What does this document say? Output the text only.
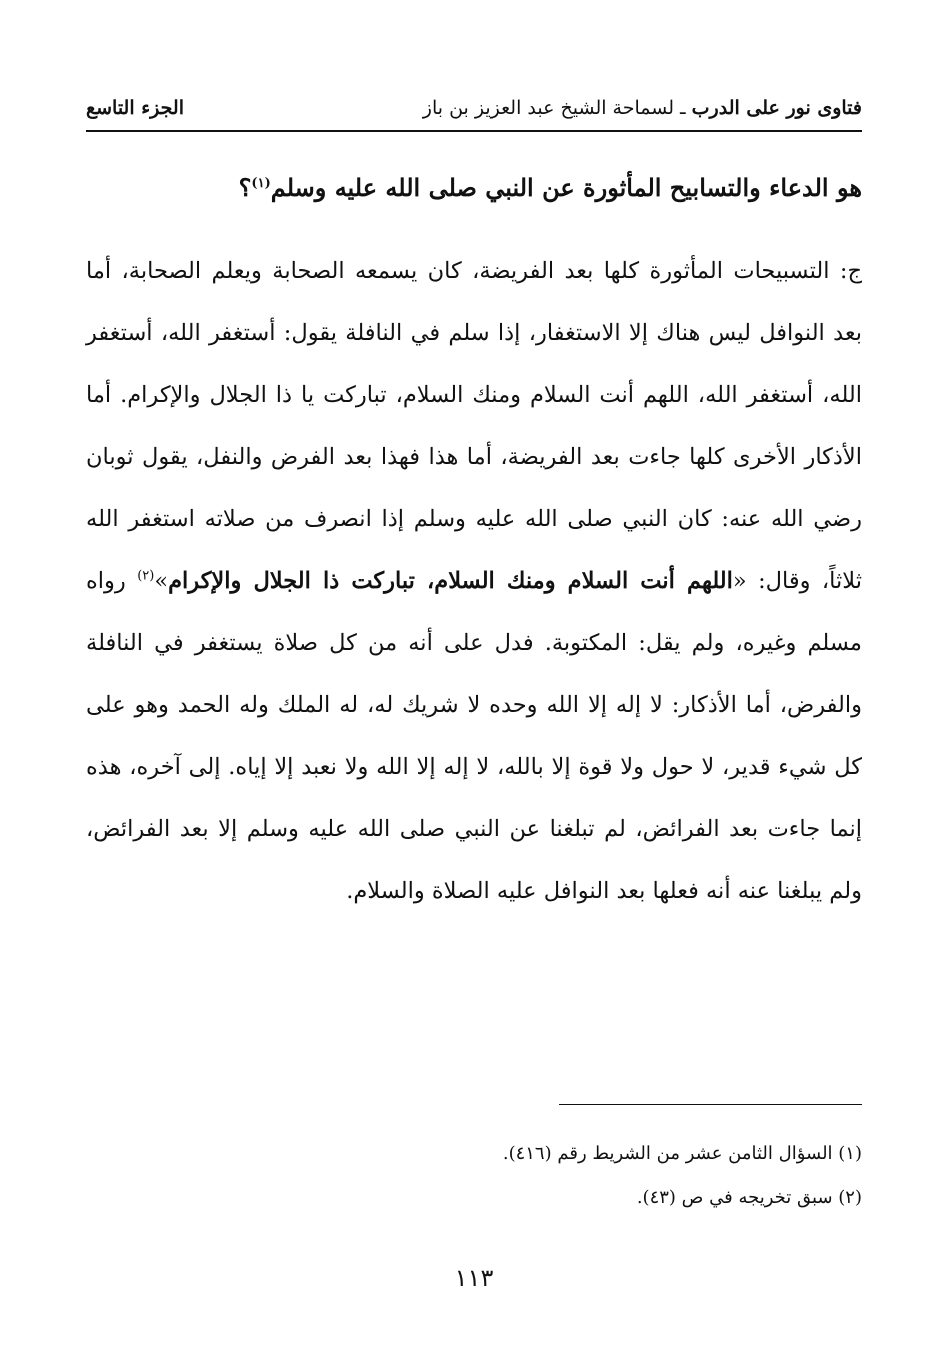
فتاوى نور على الدرب ـ لسماحة الشيخ عبد العزيز بن باز
الجزء التاسع
هو الدعاء والتسابيح المأثورة عن النبي صلى الله عليه وسلم$^{(١)}$؟
ج: التسبيحات المأثورة كلها بعد الفريضة، كان يسمعه الصحابة ويعلم الصحابة، أما بعد النوافل ليس هناك إلا الاستغفار، إذا سلم في النافلة يقول: أستغفر الله، أستغفر الله، أستغفر الله، اللهم أنت السلام ومنك السلام، تباركت يا ذا الجلال والإكرام. أما الأذكار الأخرى كلها جاءت بعد الفريضة، أما هذا فهذا بعد الفرض والنفل، يقول ثوبان رضي الله عنه: كان النبي صلى الله عليه وسلم إذا انصرف من صلاته استغفر الله ثلاثاً، وقال: «اللهم أنت السلام ومنك السلام، تباركت ذا الجلال والإكرام»$^{(٢)}$ رواه مسلم وغيره، ولم يقل: المكتوبة. فدل على أنه من كل صلاة يستغفر في النافلة والفرض، أما الأذكار: لا إله إلا الله وحده لا شريك له، له الملك وله الحمد وهو على كل شيء قدير، لا حول ولا قوة إلا بالله، لا إله إلا الله ولا نعبد إلا إياه. إلى آخره، هذه إنما جاءت بعد الفرائض، لم تبلغنا عن النبي صلى الله عليه وسلم إلا بعد الفرائض، ولم يبلغنا عنه أنه فعلها بعد النوافل عليه الصلاة والسلام.
(١) السؤال الثامن عشر من الشريط رقم (٤١٦).
(٢) سبق تخريجه في ص (٤٣).
١١٣
